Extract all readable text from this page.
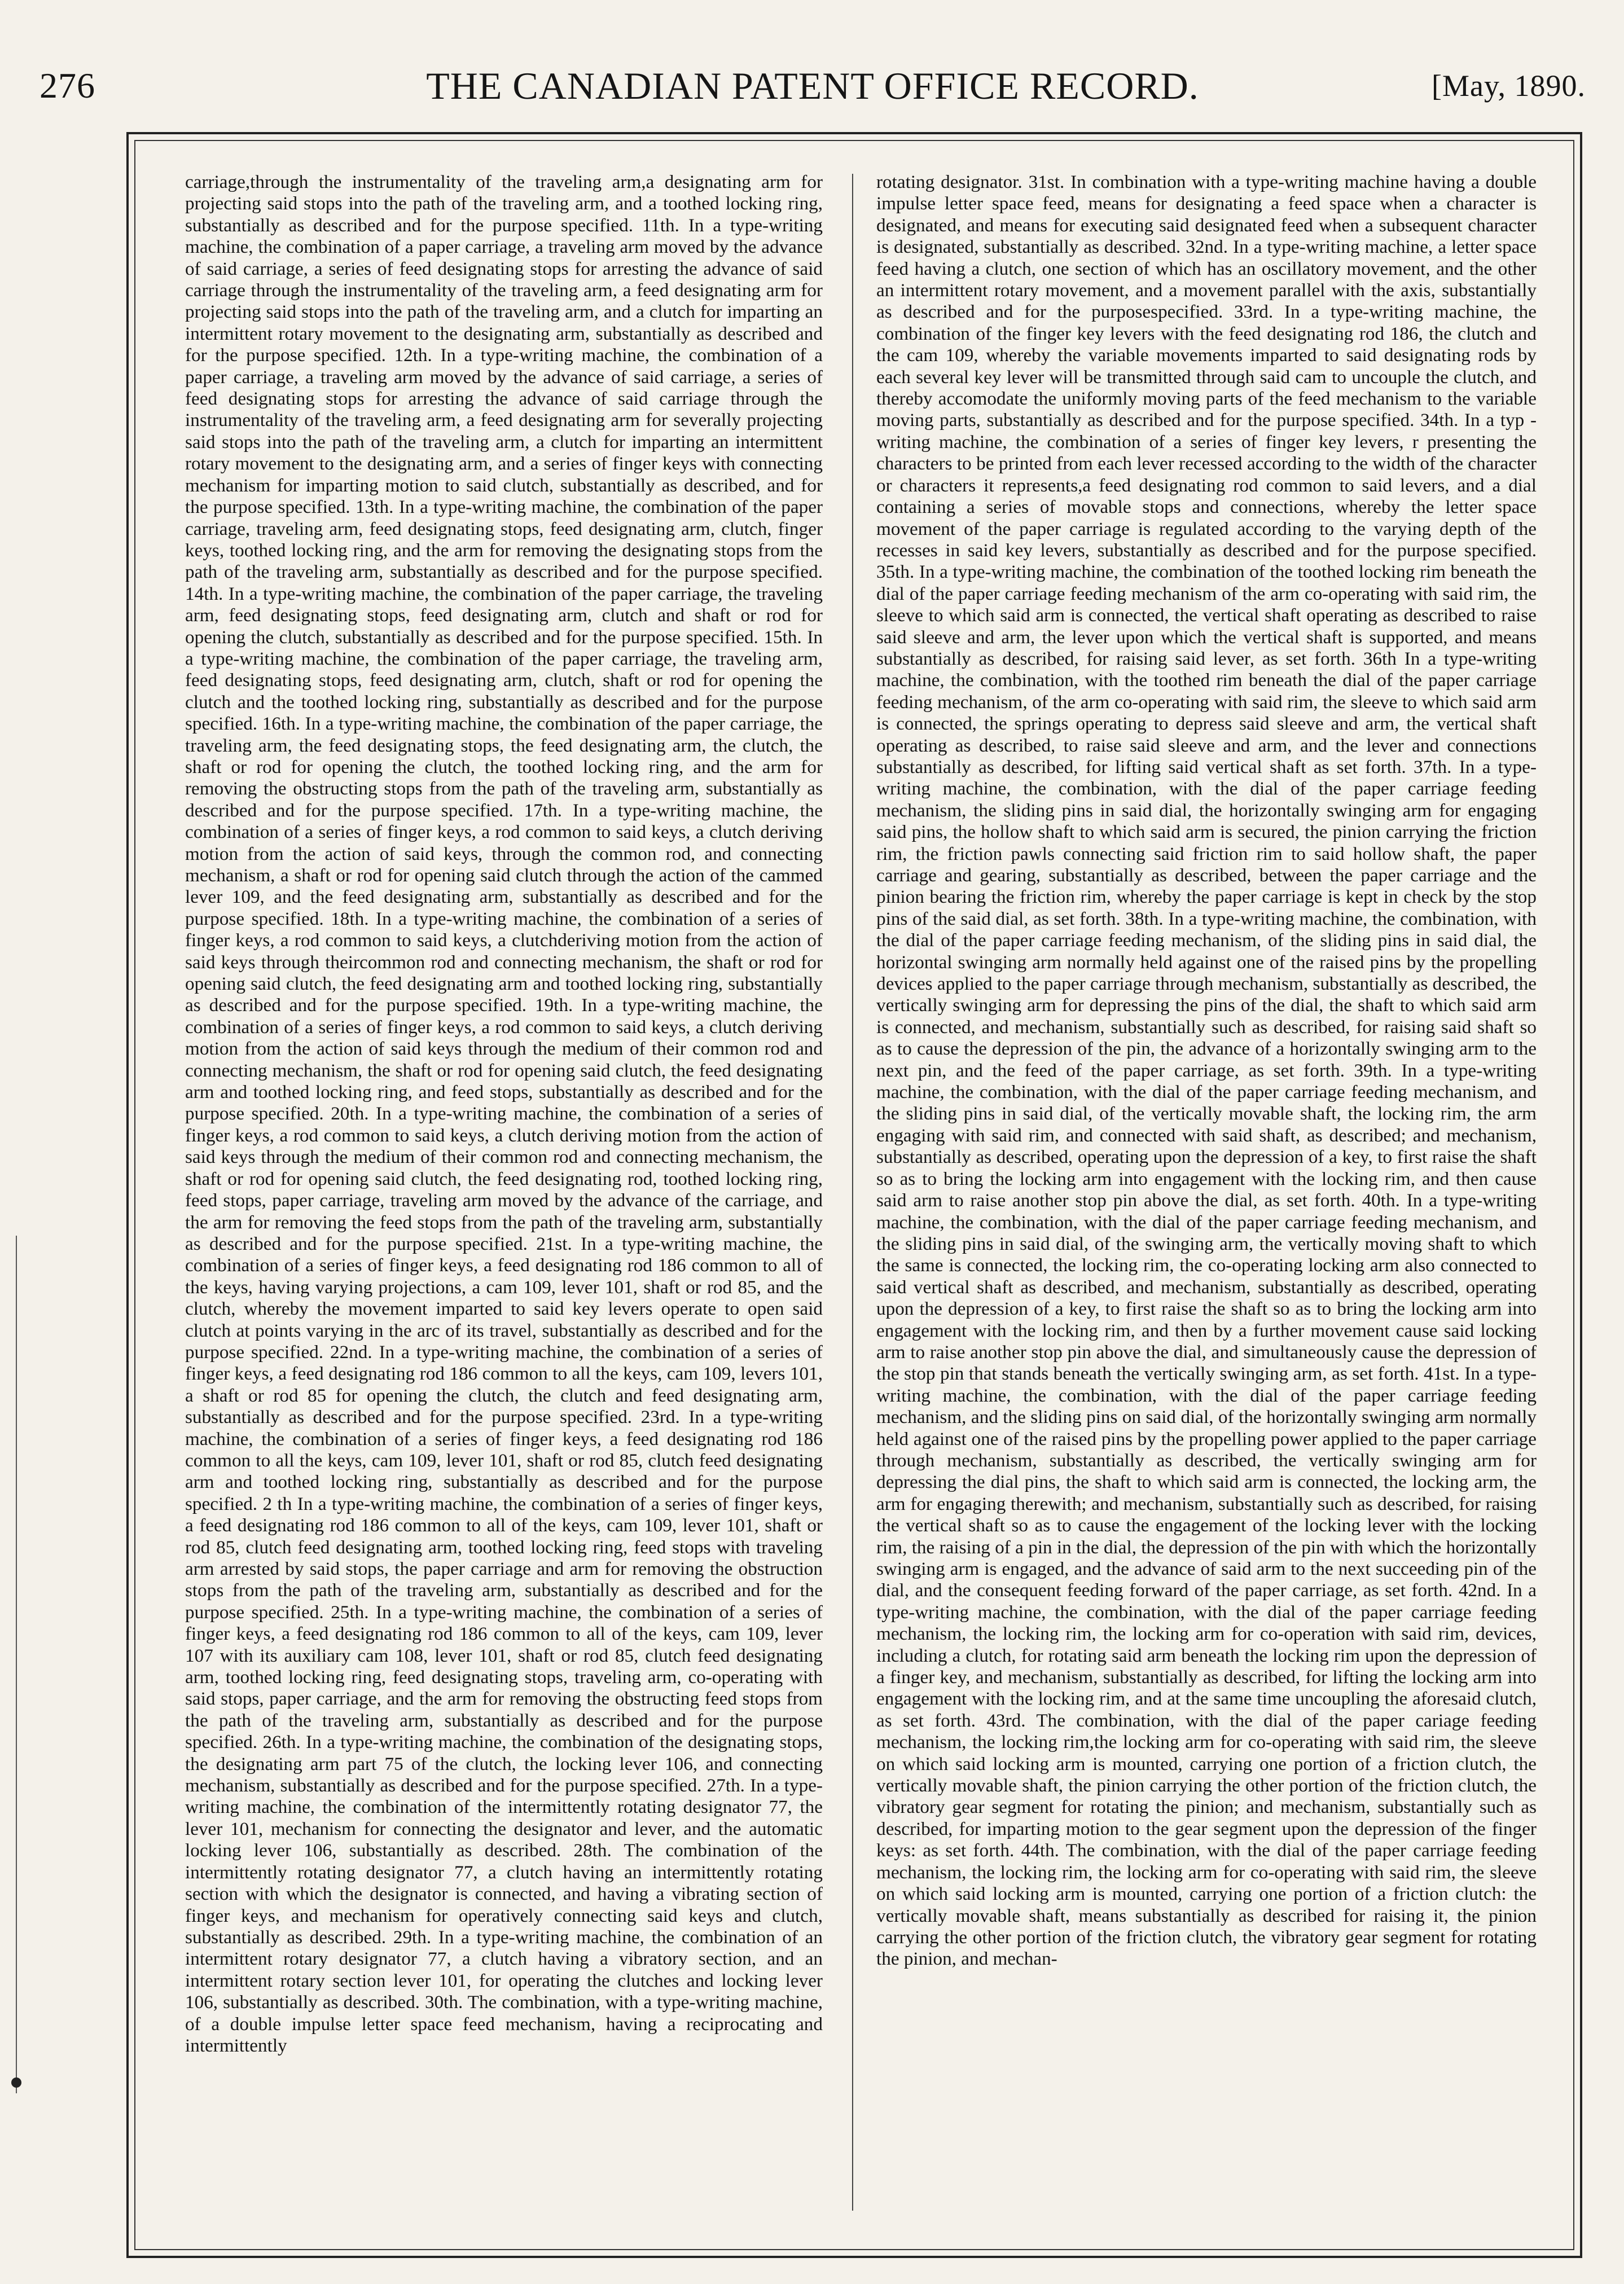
276	THE CANADIAN PATENT OFFICE RECORD.	[May, 1890.

carriage,through the instrumentality of the traveling arm,a designating arm for projecting said stops into the path of the traveling arm, and a toothed locking ring, substantially as described and for the purpose specified. 11th. In a type-writing machine, the combination of a paper carriage, a traveling arm moved by the advance of said carriage, a series of feed designating stops for arresting the advance of said carriage through the instrumentality of the traveling arm, a feed designating arm for projecting said stops into the path of the traveling arm, and a clutch for imparting an intermittent rotary movement to the designating arm, substantially as described and for the purpose specified. 12th. In a type-writing machine, the combination of a paper carriage, a traveling arm moved by the advance of said carriage, a series of feed designating stops for arresting the advance of said carriage through the instrumentality of the traveling arm, a feed designating arm for severally projecting said stops into the path of the traveling arm, a clutch for imparting an intermittent rotary movement to the designating arm, and a series of finger keys with connecting mechanism for imparting motion to said clutch, substantially as described, and for the purpose specified. 13th. In a type-writing machine, the combination of the paper carriage, traveling arm, feed designating stops, feed designating arm, clutch, finger keys, toothed locking ring, and the arm for removing the designating stops from the path of the traveling arm, substantially as described and for the purpose specified. 14th. In a type-writing machine, the combination of the paper carriage, the traveling arm, feed designating stops, feed designating arm, clutch and shaft or rod for opening the clutch, substantially as described and for the purpose specified. 15th. In a type-writing machine, the combination of the paper carriage, the traveling arm, feed designating stops, feed designating arm, clutch, shaft or rod for opening the clutch and the toothed locking ring, substantially as described and for the purpose specified. 16th. In a type-writing machine, the combination of the paper carriage, the traveling arm, the feed designating stops, the feed designating arm, the clutch, the shaft or rod for opening the clutch, the toothed locking ring, and the arm for removing the obstructing stops from the path of the traveling arm, substantially as described and for the purpose specified. 17th. In a type-writing machine, the combination of a series of finger keys, a rod common to said keys, a clutch deriving motion from the action of said keys, through the common rod, and connecting mechanism, a shaft or rod for opening said clutch through the action of the cammed lever 109, and the feed designating arm, substantially as described and for the purpose specified. 18th. In a type-writing machine, the combination of a series of finger keys, a rod common to said keys, a clutchderiving motion from the action of said keys through theircommon rod and connecting mechanism, the shaft or rod for opening said clutch, the feed designating arm and toothed locking ring, substantially as described and for the purpose specified. 19th. In a type-writing machine, the combination of a series of finger keys, a rod common to said keys, a clutch deriving motion from the action of said keys through the medium of their common rod and connecting mechanism, the shaft or rod for opening said clutch, the feed designating arm and toothed locking ring, and feed stops, substantially as described and for the purpose specified. 20th. In a type-writing machine, the combination of a series of finger keys, a rod common to said keys, a clutch deriving motion from the action of said keys through the medium of their common rod and connecting mechanism, the shaft or rod for opening said clutch, the feed designating rod, toothed locking ring, feed stops, paper carriage, traveling arm moved by the advance of the carriage, and the arm for removing the feed stops from the path of the traveling arm, substantially as described and for the purpose specified. 21st. In a type-writing machine, the combination of a series of finger keys, a feed designating rod 186 common to all of the keys, having varying projections, a cam 109, lever 101, shaft or rod 85, and the clutch, whereby the movement imparted to said key levers operate to open said clutch at points varying in the arc of its travel, substantially as described and for the purpose specified. 22nd. In a type-writing machine, the combination of a series of finger keys, a feed designating rod 186 common to all the keys, cam 109, levers 101, a shaft or rod 85 for opening the clutch, the clutch and feed designating arm, substantially as described and for the purpose specified. 23rd. In a type-writing machine, the combination of a series of finger keys, a feed designating rod 186 common to all the keys, cam 109, lever 101, shaft or rod 85, clutch feed designating arm and toothed locking ring, substantially as described and for the purpose specified. 2 th In a type-writing machine, the combination of a series of finger keys, a feed designating rod 186 common to all of the keys, cam 109, lever 101, shaft or rod 85, clutch feed designating arm, toothed locking ring, feed stops with traveling arm arrested by said stops, the paper carriage and arm for removing the obstruction stops from the path of the traveling arm, substantially as described and for the purpose specified. 25th. In a type-writing machine, the combination of a series of finger keys, a feed designating rod 186 common to all of the keys, cam 109, lever 107 with its auxiliary cam 108, lever 101, shaft or rod 85, clutch feed designating arm, toothed locking ring, feed designating stops, traveling arm, co-operating with said stops, paper carriage, and the arm for removing the obstructing feed stops from the path of the traveling arm, substantially as described and for the purpose specified. 26th. In a type-writing machine, the combination of the designating stops, the designating arm part 75 of the clutch, the locking lever 106, and connecting mechanism, substantially as described and for the purpose specified. 27th. In a type-writing machine, the combination of the intermittently rotating designator 77, the lever 101, mechanism for connecting the designator and lever, and the automatic locking lever 106, substantially as described. 28th. The combination of the intermittently rotating designator 77, a clutch having an intermittently rotating section with which the designator is connected, and having a vibrating section of finger keys, and mechanism for operatively connecting said keys and clutch, substantially as described. 29th. In a type-writing machine, the combination of an intermittent rotary designator 77, a clutch having a vibratory section, and an intermittent rotary section lever 101, for operating the clutches and locking lever 106, substantially as described. 30th. The combination, with a type-writing machine, of a double impulse letter space feed mechanism, having a reciprocating and intermittently

rotating designator. 31st. In combination with a type-writing machine having a double impulse letter space feed, means for designating a feed space when a character is designated, and means for executing said designated feed when a subsequent character is designated, substantially as described. 32nd. In a type-writing machine, a letter space feed having a clutch, one section of which has an oscillatory movement, and the other an intermittent rotary movement, and a movement parallel with the axis, substantially as described and for the purposespecified. 33rd. In a type-writing machine, the combination of the finger key levers with the feed designating rod 186, the clutch and the cam 109, whereby the variable movements imparted to said designating rods by each several key lever will be transmitted through said cam to uncouple the clutch, and thereby accomodate the uniformly moving parts of the feed mechanism to the variable moving parts, substantially as described and for the purpose specified. 34th. In a typ -writing machine, the combination of a series of finger key levers, r presenting the characters to be printed from each lever recessed according to the width of the character or characters it represents,a feed designating rod common to said levers, and a dial containing a series of movable stops and connections, whereby the letter space movement of the paper carriage is regulated according to the varying depth of the recesses in said key levers, substantially as described and for the purpose specified. 35th. In a type-writing machine, the combination of the toothed locking rim beneath the dial of the paper carriage feeding mechanism of the arm co-operating with said rim, the sleeve to which said arm is connected, the vertical shaft operating as described to raise said sleeve and arm, the lever upon which the vertical shaft is supported, and means substantially as described, for raising said lever, as set forth. 36th In a type-writing machine, the combination, with the toothed rim beneath the dial of the paper carriage feeding mechanism, of the arm co-operating with said rim, the sleeve to which said arm is connected, the springs operating to depress said sleeve and arm, the vertical shaft operating as described, to raise said sleeve and arm, and the lever and connections substantially as described, for lifting said vertical shaft as set forth. 37th. In a type-writing machine, the combination, with the dial of the paper carriage feeding mechanism, the sliding pins in said dial, the horizontally swinging arm for engaging said pins, the hollow shaft to which said arm is secured, the pinion carrying the friction rim, the friction pawls connecting said friction rim to said hollow shaft, the paper carriage and gearing, substantially as described, between the paper carriage and the pinion bearing the friction rim, whereby the paper carriage is kept in check by the stop pins of the said dial, as set forth. 38th. In a type-writing machine, the combination, with the dial of the paper carriage feeding mechanism, of the sliding pins in said dial, the horizontal swinging arm normally held against one of the raised pins by the propelling devices applied to the paper carriage through mechanism, substantially as described, the vertically swinging arm for depressing the pins of the dial, the shaft to which said arm is connected, and mechanism, substantially such as described, for raising said shaft so as to cause the depression of the pin, the advance of a horizontally swinging arm to the next pin, and the feed of the paper carriage, as set forth. 39th. In a type-writing machine, the combination, with the dial of the paper carriage feeding mechanism, and the sliding pins in said dial, of the vertically movable shaft, the locking rim, the arm engaging with said rim, and connected with said shaft, as described; and mechanism, substantially as described, operating upon the depression of a key, to first raise the shaft so as to bring the locking arm into engagement with the locking rim, and then cause said arm to raise another stop pin above the dial, as set forth. 40th. In a type-writing machine, the combination, with the dial of the paper carriage feeding mechanism, and the sliding pins in said dial, of the swinging arm, the vertically moving shaft to which the same is connected, the locking rim, the co-operating locking arm also connected to said vertical shaft as described, and mechanism, substantially as described, operating upon the depression of a key, to first raise the shaft so as to bring the locking arm into engagement with the locking rim, and then by a further movement cause said locking arm to raise another stop pin above the dial, and simultaneously cause the depression of the stop pin that stands beneath the vertically swinging arm, as set forth. 41st. In a type-writing machine, the combination, with the dial of the paper carriage feeding mechanism, and the sliding pins on said dial, of the horizontally swinging arm normally held against one of the raised pins by the propelling power applied to the paper carriage through mechanism, substantially as described, the vertically swinging arm for depressing the dial pins, the shaft to which said arm is connected, the locking arm, the arm for engaging therewith; and mechanism, substantially such as described, for raising the vertical shaft so as to cause the engagement of the locking lever with the locking rim, the raising of a pin in the dial, the depression of the pin with which the horizontally swinging arm is engaged, and the advance of said arm to the next succeeding pin of the dial, and the consequent feeding forward of the paper carriage, as set forth. 42nd. In a type-writing machine, the combination, with the dial of the paper carriage feeding mechanism, the locking rim, the locking arm for co-operation with said rim, devices, including a clutch, for rotating said arm beneath the locking rim upon the depression of a finger key, and mechanism, substantially as described, for lifting the locking arm into engagement with the locking rim, and at the same time uncoupling the aforesaid clutch, as set forth. 43rd. The combination, with the dial of the paper cariage feeding mechanism, the locking rim,the locking arm for co-operating with said rim, the sleeve on which said locking arm is mounted, carrying one portion of a friction clutch, the vertically movable shaft, the pinion carrying the other portion of the friction clutch, the vibratory gear segment for rotating the pinion; and mechanism, substantially such as described, for imparting motion to the gear segment upon the depression of the finger keys: as set forth. 44th. The combination, with the dial of the paper carriage feeding mechanism, the locking rim, the locking arm for co-operating with said rim, the sleeve on which said locking arm is mounted, carrying one portion of a friction clutch: the vertically movable shaft, means substantially as described for raising it, the pinion carrying the other portion of the friction clutch, the vibratory gear segment for rotating the pinion, and mechan-
